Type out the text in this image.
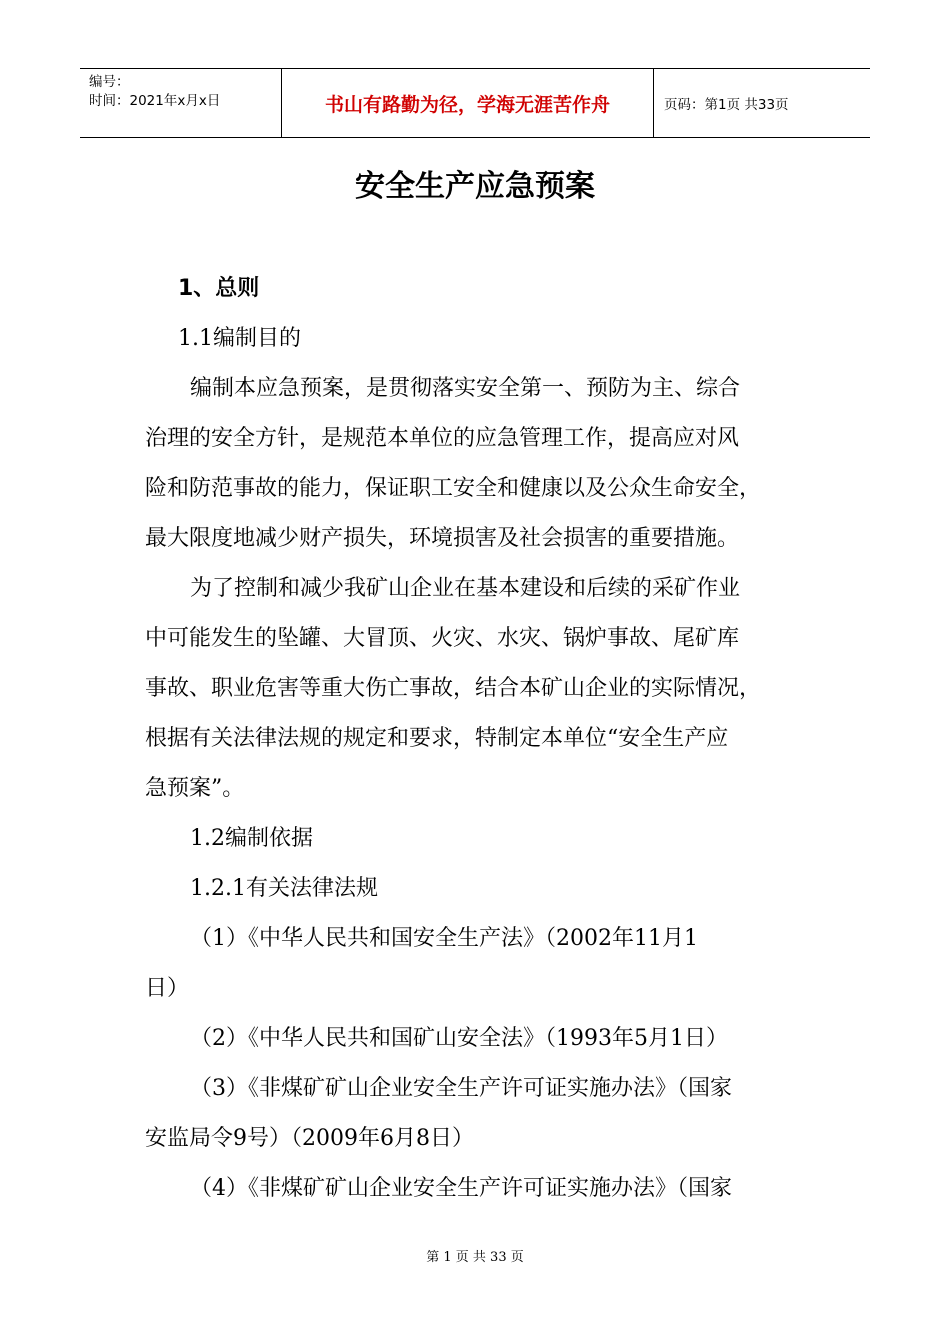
编号：
时间：2021年x月x日	书山有路勤为径，学海无涯苦作舟	页码：第1页 共33页
安全生产应急预案
1、总则
1.1编制目的
编制本应急预案，是贯彻落实安全第一、预防为主、综合
治理的安全方针，是规范本单位的应急管理工作，提高应对风
险和防范事故的能力，保证职工安全和健康以及公众生命安全，
最大限度地减少财产损失，环境损害及社会损害的重要措施。
为了控制和减少我矿山企业在基本建设和后续的采矿作业
中可能发生的坠罐、大冒顶、火灾、水灾、锅炉事故、尾矿库
事故、职业危害等重大伤亡事故，结合本矿山企业的实际情况，
根据有关法律法规的规定和要求，特制定本单位“安全生产应
急预案”。
1.2编制依据
1.2.1有关法律法规
（1）《中华人民共和国安全生产法》（2002年11月1
日）
（2）《中华人民共和国矿山安全法》（1993年5月1日）
（3）《非煤矿矿山企业安全生产许可证实施办法》（国家
安监局令9号）（2009年6月8日）
（4）《非煤矿矿山企业安全生产许可证实施办法》（国家
第 1 页 共 33 页
